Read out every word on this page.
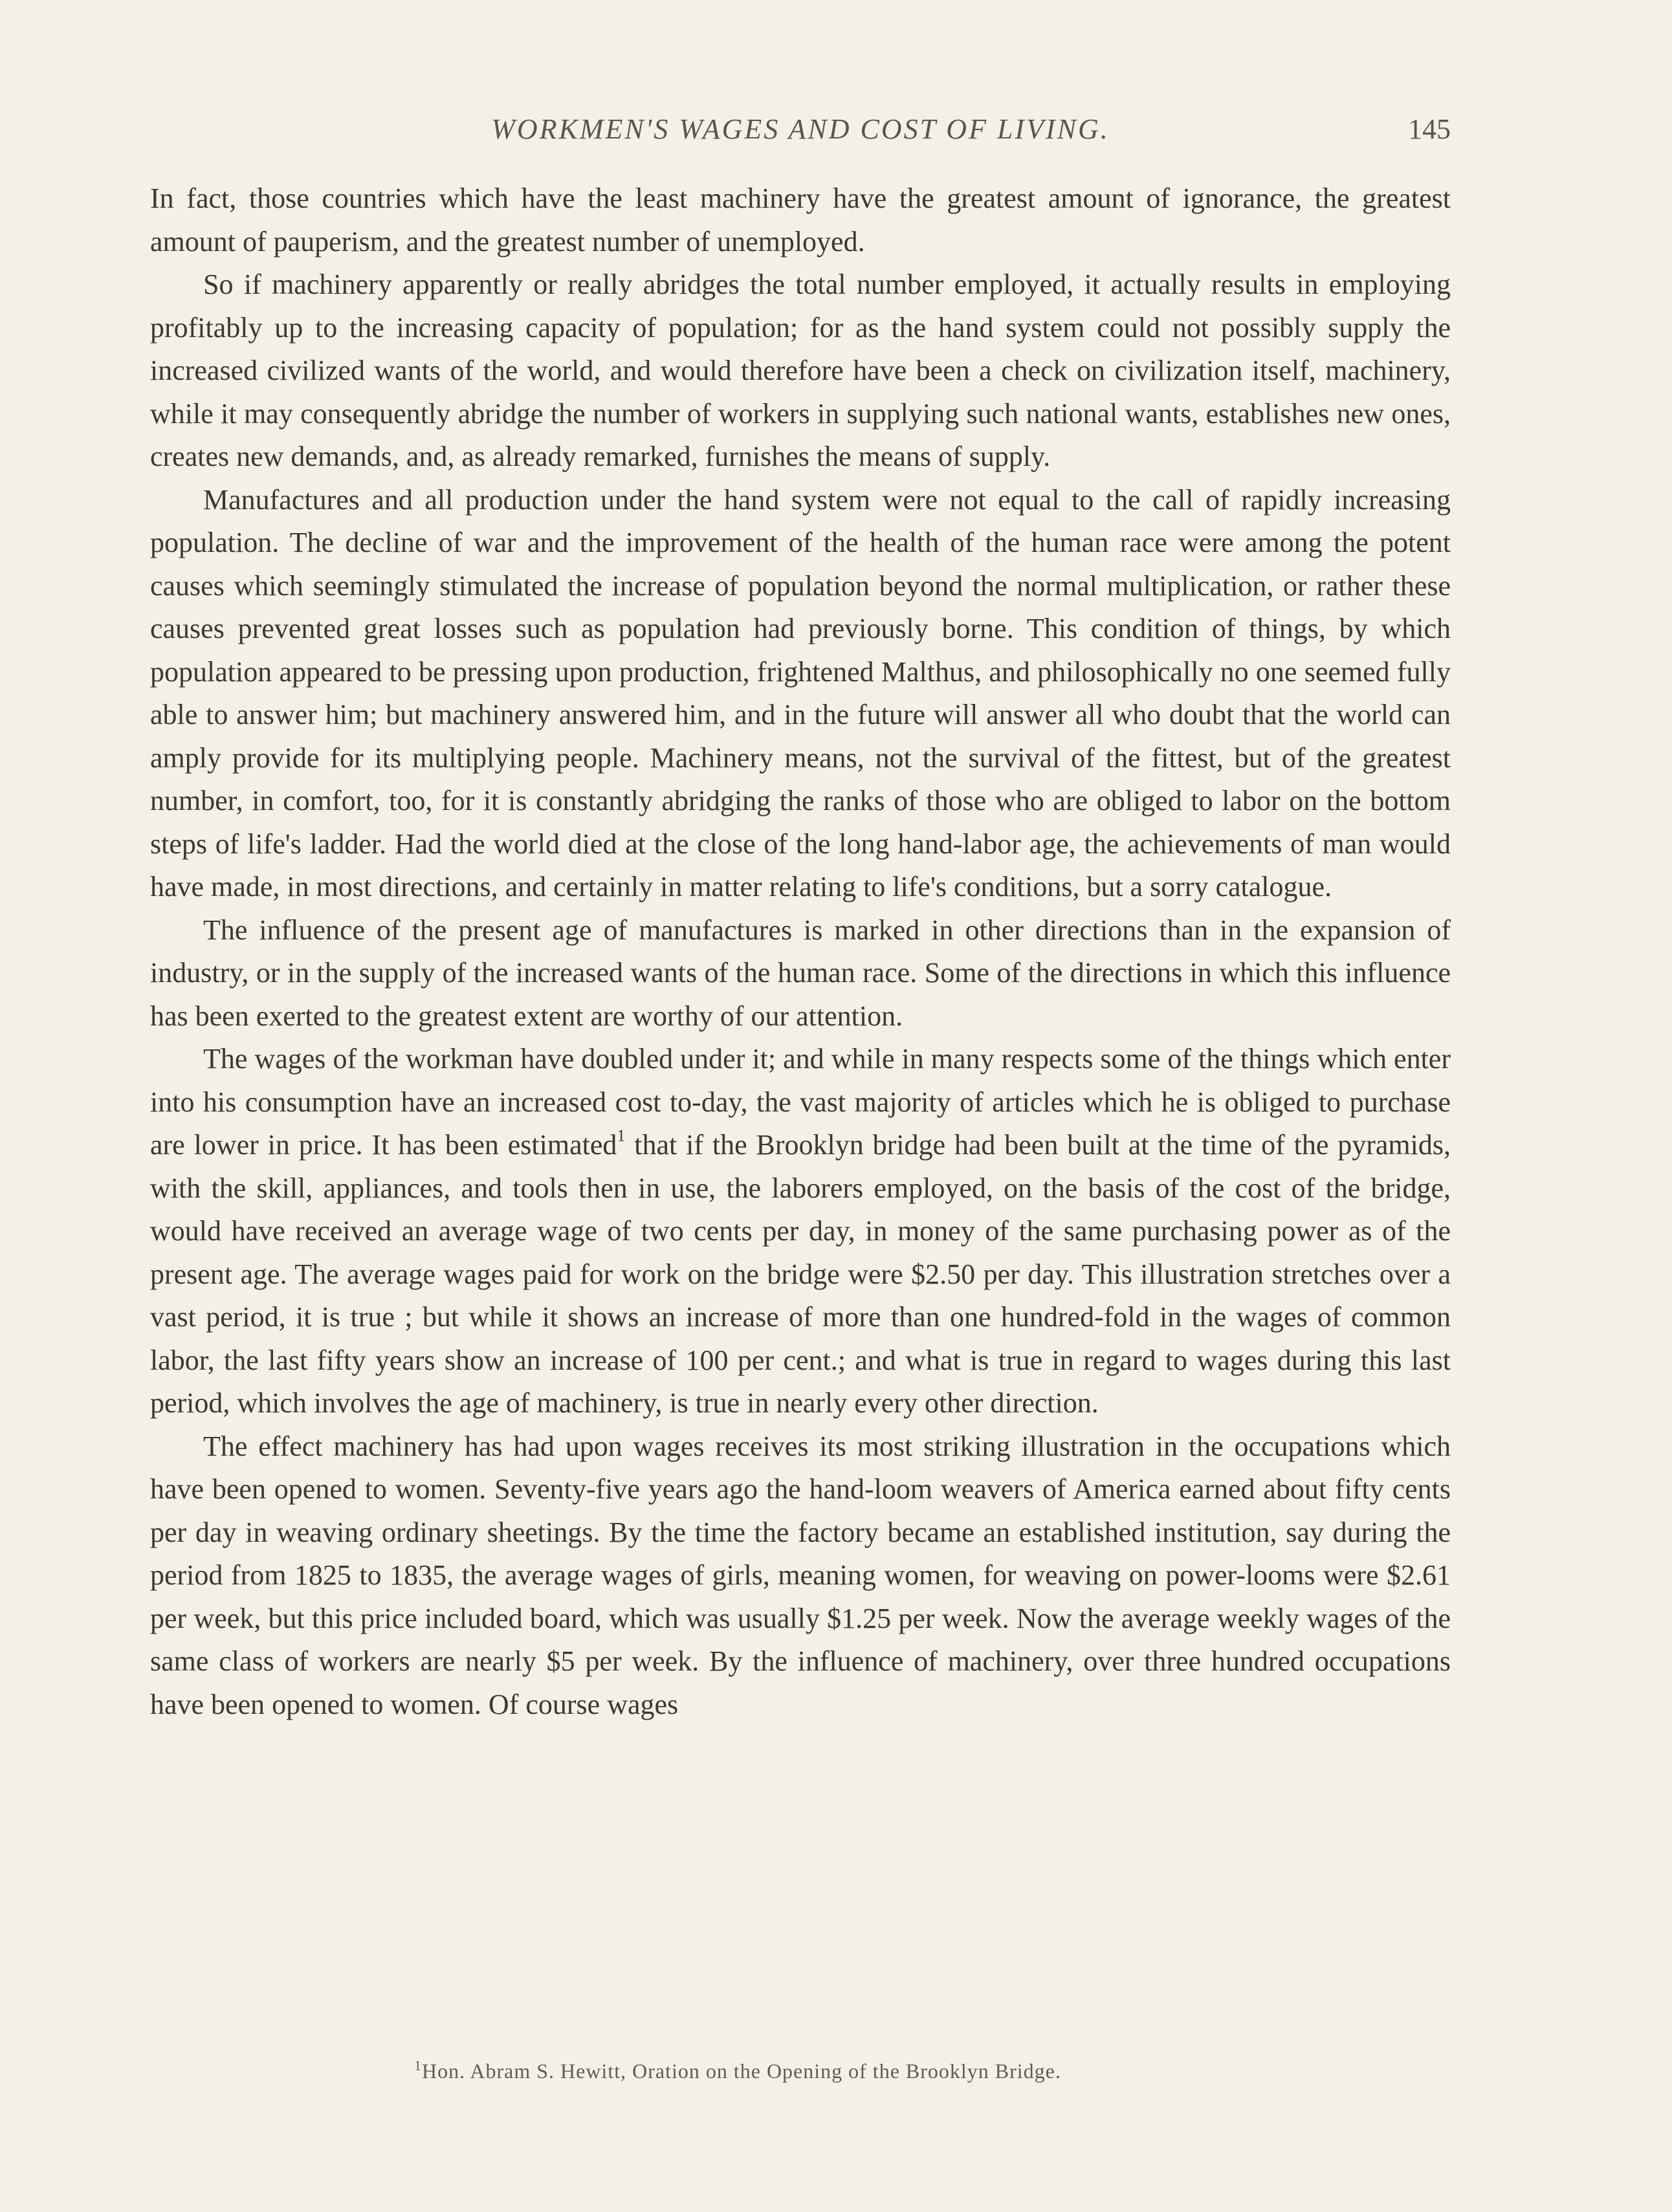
WORKMEN'S WAGES AND COST OF LIVING.	145

In fact, those countries which have the least machinery have the greatest amount of ignorance, the greatest amount of pauperism, and the greatest number of unemployed.

So if machinery apparently or really abridges the total number employed, it actually results in employing profitably up to the increasing capacity of population; for as the hand system could not possibly supply the increased civilized wants of the world, and would therefore have been a check on civilization itself, machinery, while it may consequently abridge the number of workers in supplying such national wants, establishes new ones, creates new demands, and, as already remarked, furnishes the means of supply.

Manufactures and all production under the hand system were not equal to the call of rapidly increasing population. The decline of war and the improvement of the health of the human race were among the potent causes which seemingly stimulated the increase of population beyond the normal multiplication, or rather these causes prevented great losses such as population had previously borne. This condition of things, by which population appeared to be pressing upon production, frightened Malthus, and philosophically no one seemed fully able to answer him; but machinery answered him, and in the future will answer all who doubt that the world can amply provide for its multiplying people. Machinery means, not the survival of the fittest, but of the greatest number, in comfort, too, for it is constantly abridging the ranks of those who are obliged to labor on the bottom steps of life's ladder. Had the world died at the close of the long hand-labor age, the achievements of man would have made, in most directions, and certainly in matter relating to life's conditions, but a sorry catalogue.

The influence of the present age of manufactures is marked in other directions than in the expansion of industry, or in the supply of the increased wants of the human race. Some of the directions in which this influence has been exerted to the greatest extent are worthy of our attention.

The wages of the workman have doubled under it; and while in many respects some of the things which enter into his consumption have an increased cost to-day, the vast majority of articles which he is obliged to purchase are lower in price. It has been estimated$^1$ that if the Brooklyn bridge had been built at the time of the pyramids, with the skill, appliances, and tools then in use, the laborers employed, on the basis of the cost of the bridge, would have received an average wage of two cents per day, in money of the same purchasing power as of the present age. The average wages paid for work on the bridge were $2.50 per day. This illustration stretches over a vast period, it is true ; but while it shows an increase of more than one hundred-fold in the wages of common labor, the last fifty years show an increase of 100 per cent.; and what is true in regard to wages during this last period, which involves the age of machinery, is true in nearly every other direction.

The effect machinery has had upon wages receives its most striking illustration in the occupations which have been opened to women. Seventy-five years ago the hand-loom weavers of America earned about fifty cents per day in weaving ordinary sheetings. By the time the factory became an established institution, say during the period from 1825 to 1835, the average wages of girls, meaning women, for weaving on power-looms were $2.61 per week, but this price included board, which was usually $1.25 per week. Now the average weekly wages of the same class of workers are nearly $5 per week. By the influence of machinery, over three hundred occupations have been opened to women. Of course wages

$^1$Hon. Abram S. Hewitt, Oration on the Opening of the Brooklyn Bridge.
